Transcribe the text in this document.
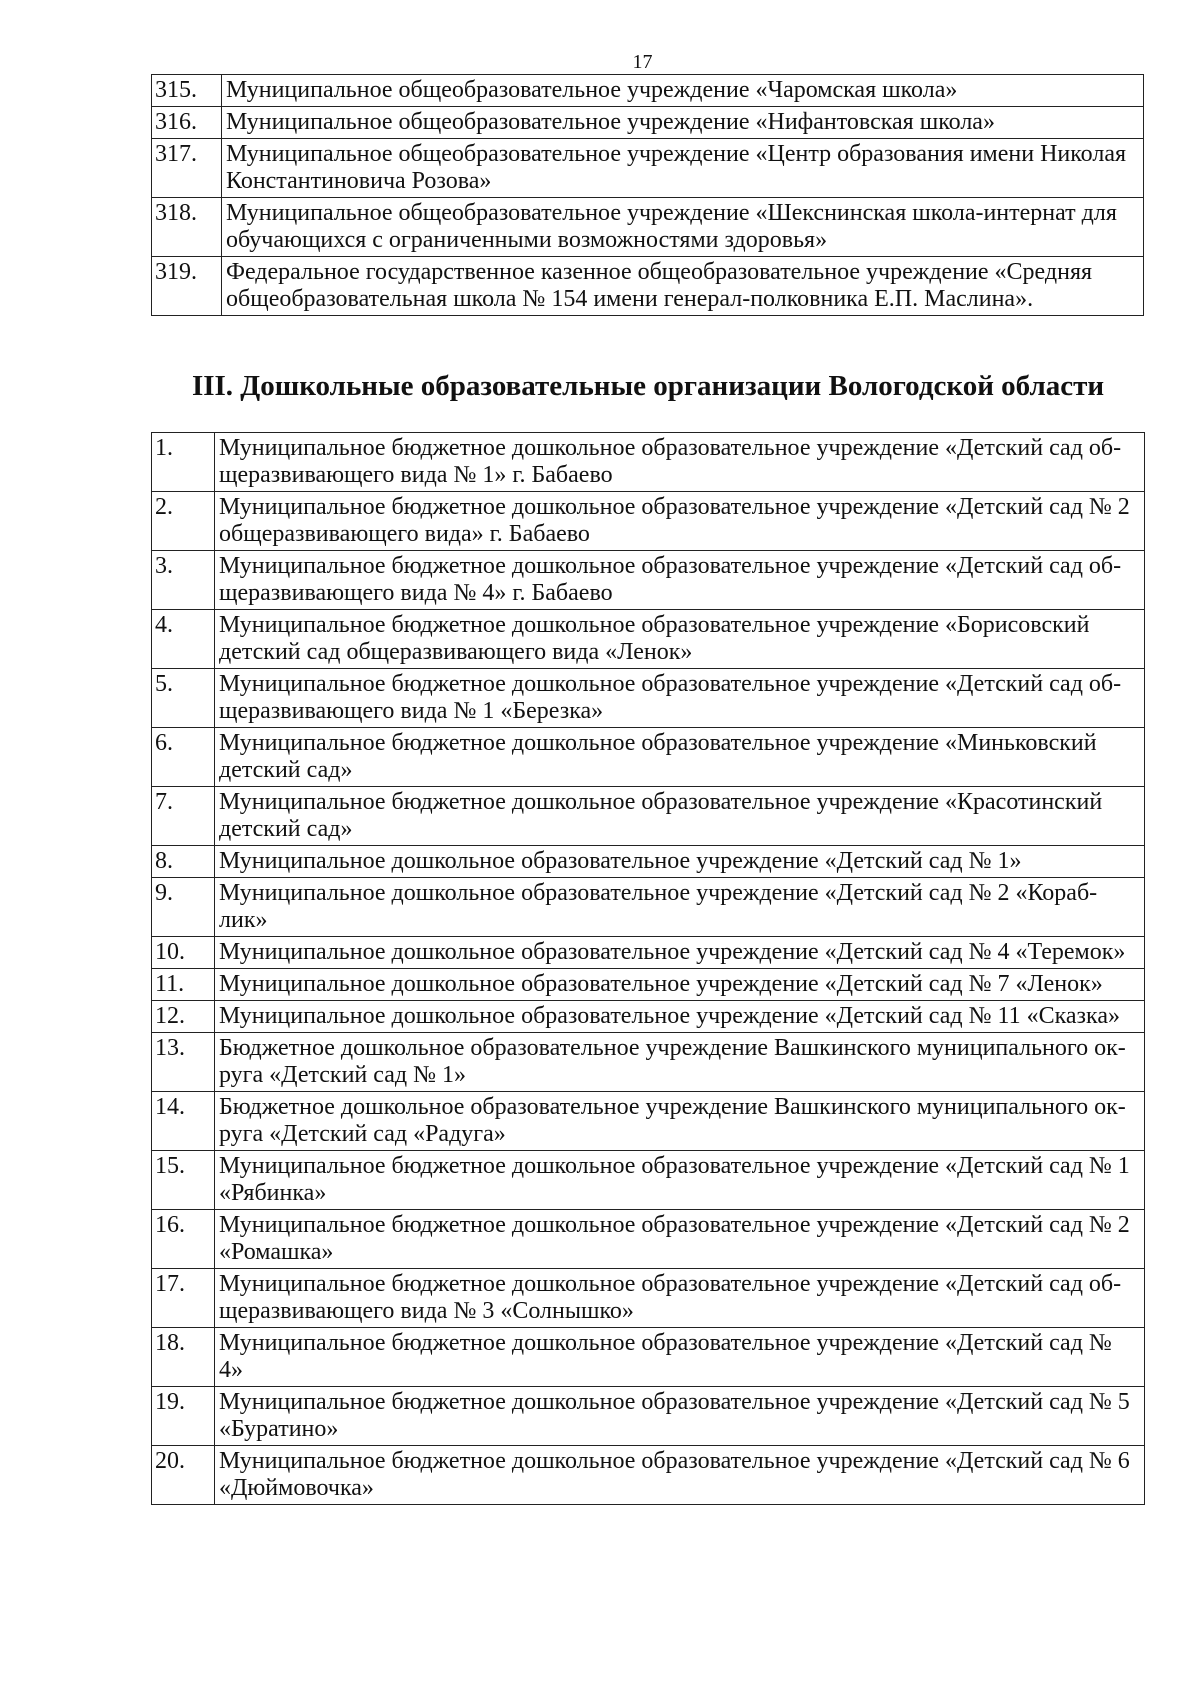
17
315.	Муниципальное общеобразовательное учреждение «Чаромская школа»
316.	Муниципальное общеобразовательное учреждение «Нифантовская школа»
317.	Муниципальное общеобразовательное учреждение «Центр образования имени Николая Константиновича Розова»
318.	Муниципальное общеобразовательное учреждение «Шекснинская школа-интернат для обучающихся с ограниченными возможностями здоровья»
319.	Федеральное государственное казенное общеобразовательное учреждение «Средняя общеобразовательная школа № 154 имени генерал-полковника Е.П. Маслина».
III. Дошкольные образовательные организации Вологодской области
1.	Муниципальное бюджетное дошкольное образовательное учреждение «Детский сад об-щеразвивающего вида № 1» г. Бабаево
2.	Муниципальное бюджетное дошкольное образовательное учреждение «Детский сад № 2 общеразвивающего вида» г. Бабаево
3.	Муниципальное бюджетное дошкольное образовательное учреждение «Детский сад об-щеразвивающего вида № 4» г. Бабаево
4.	Муниципальное бюджетное дошкольное образовательное учреждение «Борисовский детский сад общеразвивающего вида «Ленок»
5.	Муниципальное бюджетное дошкольное образовательное учреждение «Детский сад об-щеразвивающего вида № 1 «Березка»
6.	Муниципальное бюджетное дошкольное образовательное учреждение «Миньковский детский сад»
7.	Муниципальное бюджетное дошкольное образовательное учреждение «Красотинский детский сад»
8.	Муниципальное дошкольное образовательное учреждение «Детский сад № 1»
9.	Муниципальное дошкольное образовательное учреждение «Детский сад № 2 «Кораб-лик»
10.	Муниципальное дошкольное образовательное учреждение «Детский сад № 4 «Теремок»
11.	Муниципальное дошкольное образовательное учреждение «Детский сад № 7 «Ленок»
12.	Муниципальное дошкольное образовательное учреждение «Детский сад № 11 «Сказка»
13.	Бюджетное дошкольное образовательное учреждение Вашкинского муниципального ок-руга «Детский сад № 1»
14.	Бюджетное дошкольное образовательное учреждение Вашкинского муниципального ок-руга «Детский сад «Радуга»
15.	Муниципальное бюджетное дошкольное образовательное учреждение «Детский сад № 1 «Рябинка»
16.	Муниципальное бюджетное дошкольное образовательное учреждение «Детский сад № 2 «Ромашка»
17.	Муниципальное бюджетное дошкольное образовательное учреждение «Детский сад об-щеразвивающего вида № 3 «Солнышко»
18.	Муниципальное бюджетное дошкольное образовательное учреждение «Детский сад № 4»
19.	Муниципальное бюджетное дошкольное образовательное учреждение «Детский сад № 5 «Буратино»
20.	Муниципальное бюджетное дошкольное образовательное учреждение «Детский сад № 6 «Дюймовочка»
